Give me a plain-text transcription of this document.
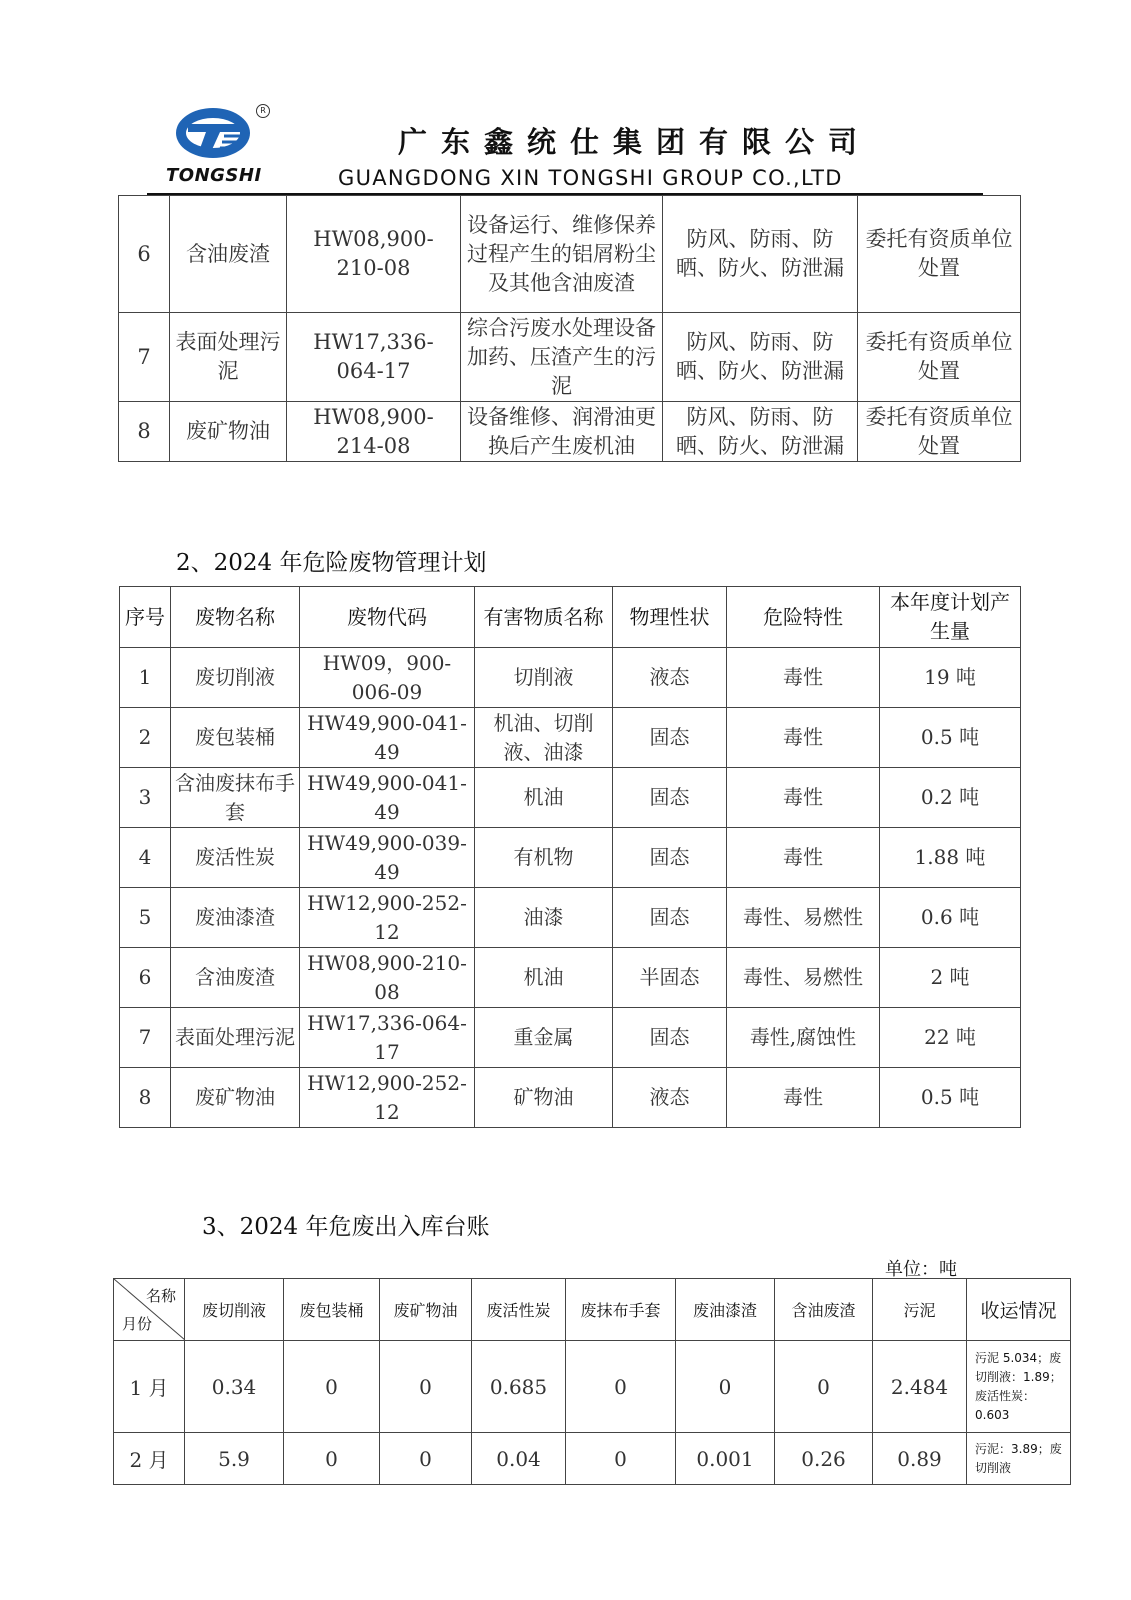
R
TONGSHI
广东鑫统仕集团有限公司
GUANGDONG XIN TONGSHI GROUP CO.,LTD
6	含油废渣	HW08,900-210-08	设备运行、维修保养过程产生的铝屑粉尘及其他含油废渣	防风、防雨、防晒、防火、防泄漏	委托有资质单位处置
7	表面处理污泥	HW17,336-064-17	综合污废水处理设备加药、压渣产生的污泥	防风、防雨、防晒、防火、防泄漏	委托有资质单位处置
8	废矿物油	HW08,900-214-08	设备维修、润滑油更换后产生废机油	防风、防雨、防晒、防火、防泄漏	委托有资质单位处置
2、2024 年危险废物管理计划
序号	废物名称	废物代码	有害物质名称	物理性状	危险特性	本年度计划产生量
1	废切削液	HW09，900-006-09	切削液	液态	毒性	19 吨
2	废包装桶	HW49,900-041-49	机油、切削液、油漆	固态	毒性	0.5 吨
3	含油废抹布手套	HW49,900-041-49	机油	固态	毒性	0.2 吨
4	废活性炭	HW49,900-039-49	有机物	固态	毒性	1.88 吨
5	废油漆渣	HW12,900-252-12	油漆	固态	毒性、易燃性	0.6 吨
6	含油废渣	HW08,900-210-08	机油	半固态	毒性、易燃性	2 吨
7	表面处理污泥	HW17,336-064-17	重金属	固态	毒性,腐蚀性	22 吨
8	废矿物油	HW12,900-252-12	矿物油	液态	毒性	0.5 吨
3、2024 年危废出入库台账
单位：吨
名称
月份	废切削液	废包装桶	废矿物油	废活性炭	废抹布手套	废油漆渣	含油废渣	污泥	收运情况
1 月	0.34	0	0	0.685	0	0	0	2.484	污泥 5.034；废切削液：1.89；废活性炭：0.603
2 月	5.9	0	0	0.04	0	0.001	0.26	0.89	污泥：3.89；废切削液
